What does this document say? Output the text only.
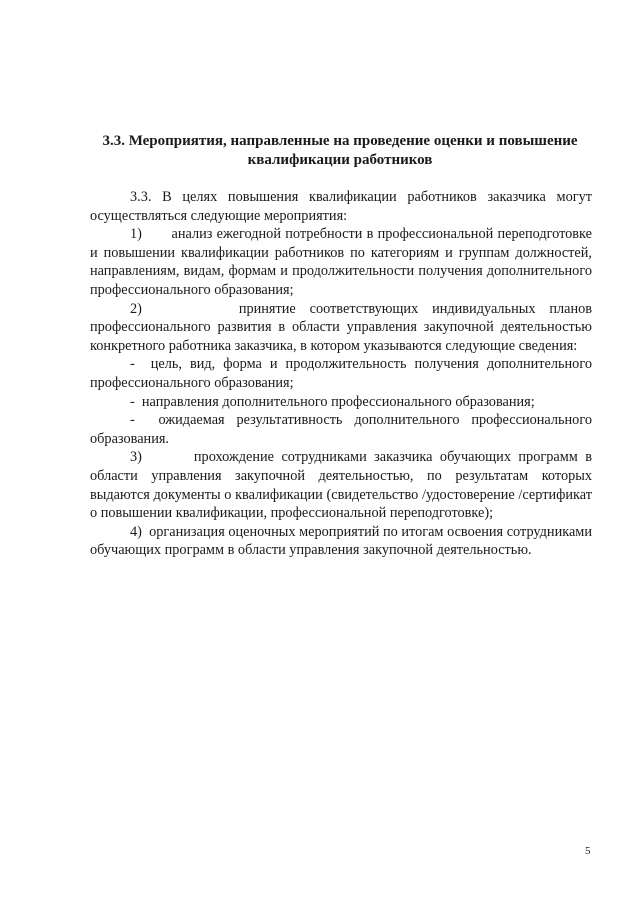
3.3. Мероприятия, направленные на проведение оценки и повышение квалификации работников

3.3. В целях повышения квалификации работников заказчика могут осуществляться следующие мероприятия:

1)       анализ ежегодной потребности в профессиональной переподготовке и повышении квалификации работников по категориям и группам должностей, направлениям, видам, формам и продолжительности получения дополнительного профессионального образования;

2)       принятие соответствующих индивидуальных планов профессионального развития в области управления закупочной деятельностью конкретного работника заказчика, в котором указываются следующие сведения:

-  цель, вид, форма и продолжительность получения дополнительного профессионального образования;

-  направления дополнительного профессионального образования;

-  ожидаемая результативность дополнительного профессионального образования.

3)       прохождение сотрудниками заказчика обучающих программ в области управления закупочной деятельностью, по результатам которых выдаются документы о квалификации (свидетельство /удостоверение /сертификат о повышении квалификации, профессиональной переподготовке);

4)  организация оценочных мероприятий по итогам освоения сотрудниками обучающих программ в области управления закупочной деятельностью.

5
